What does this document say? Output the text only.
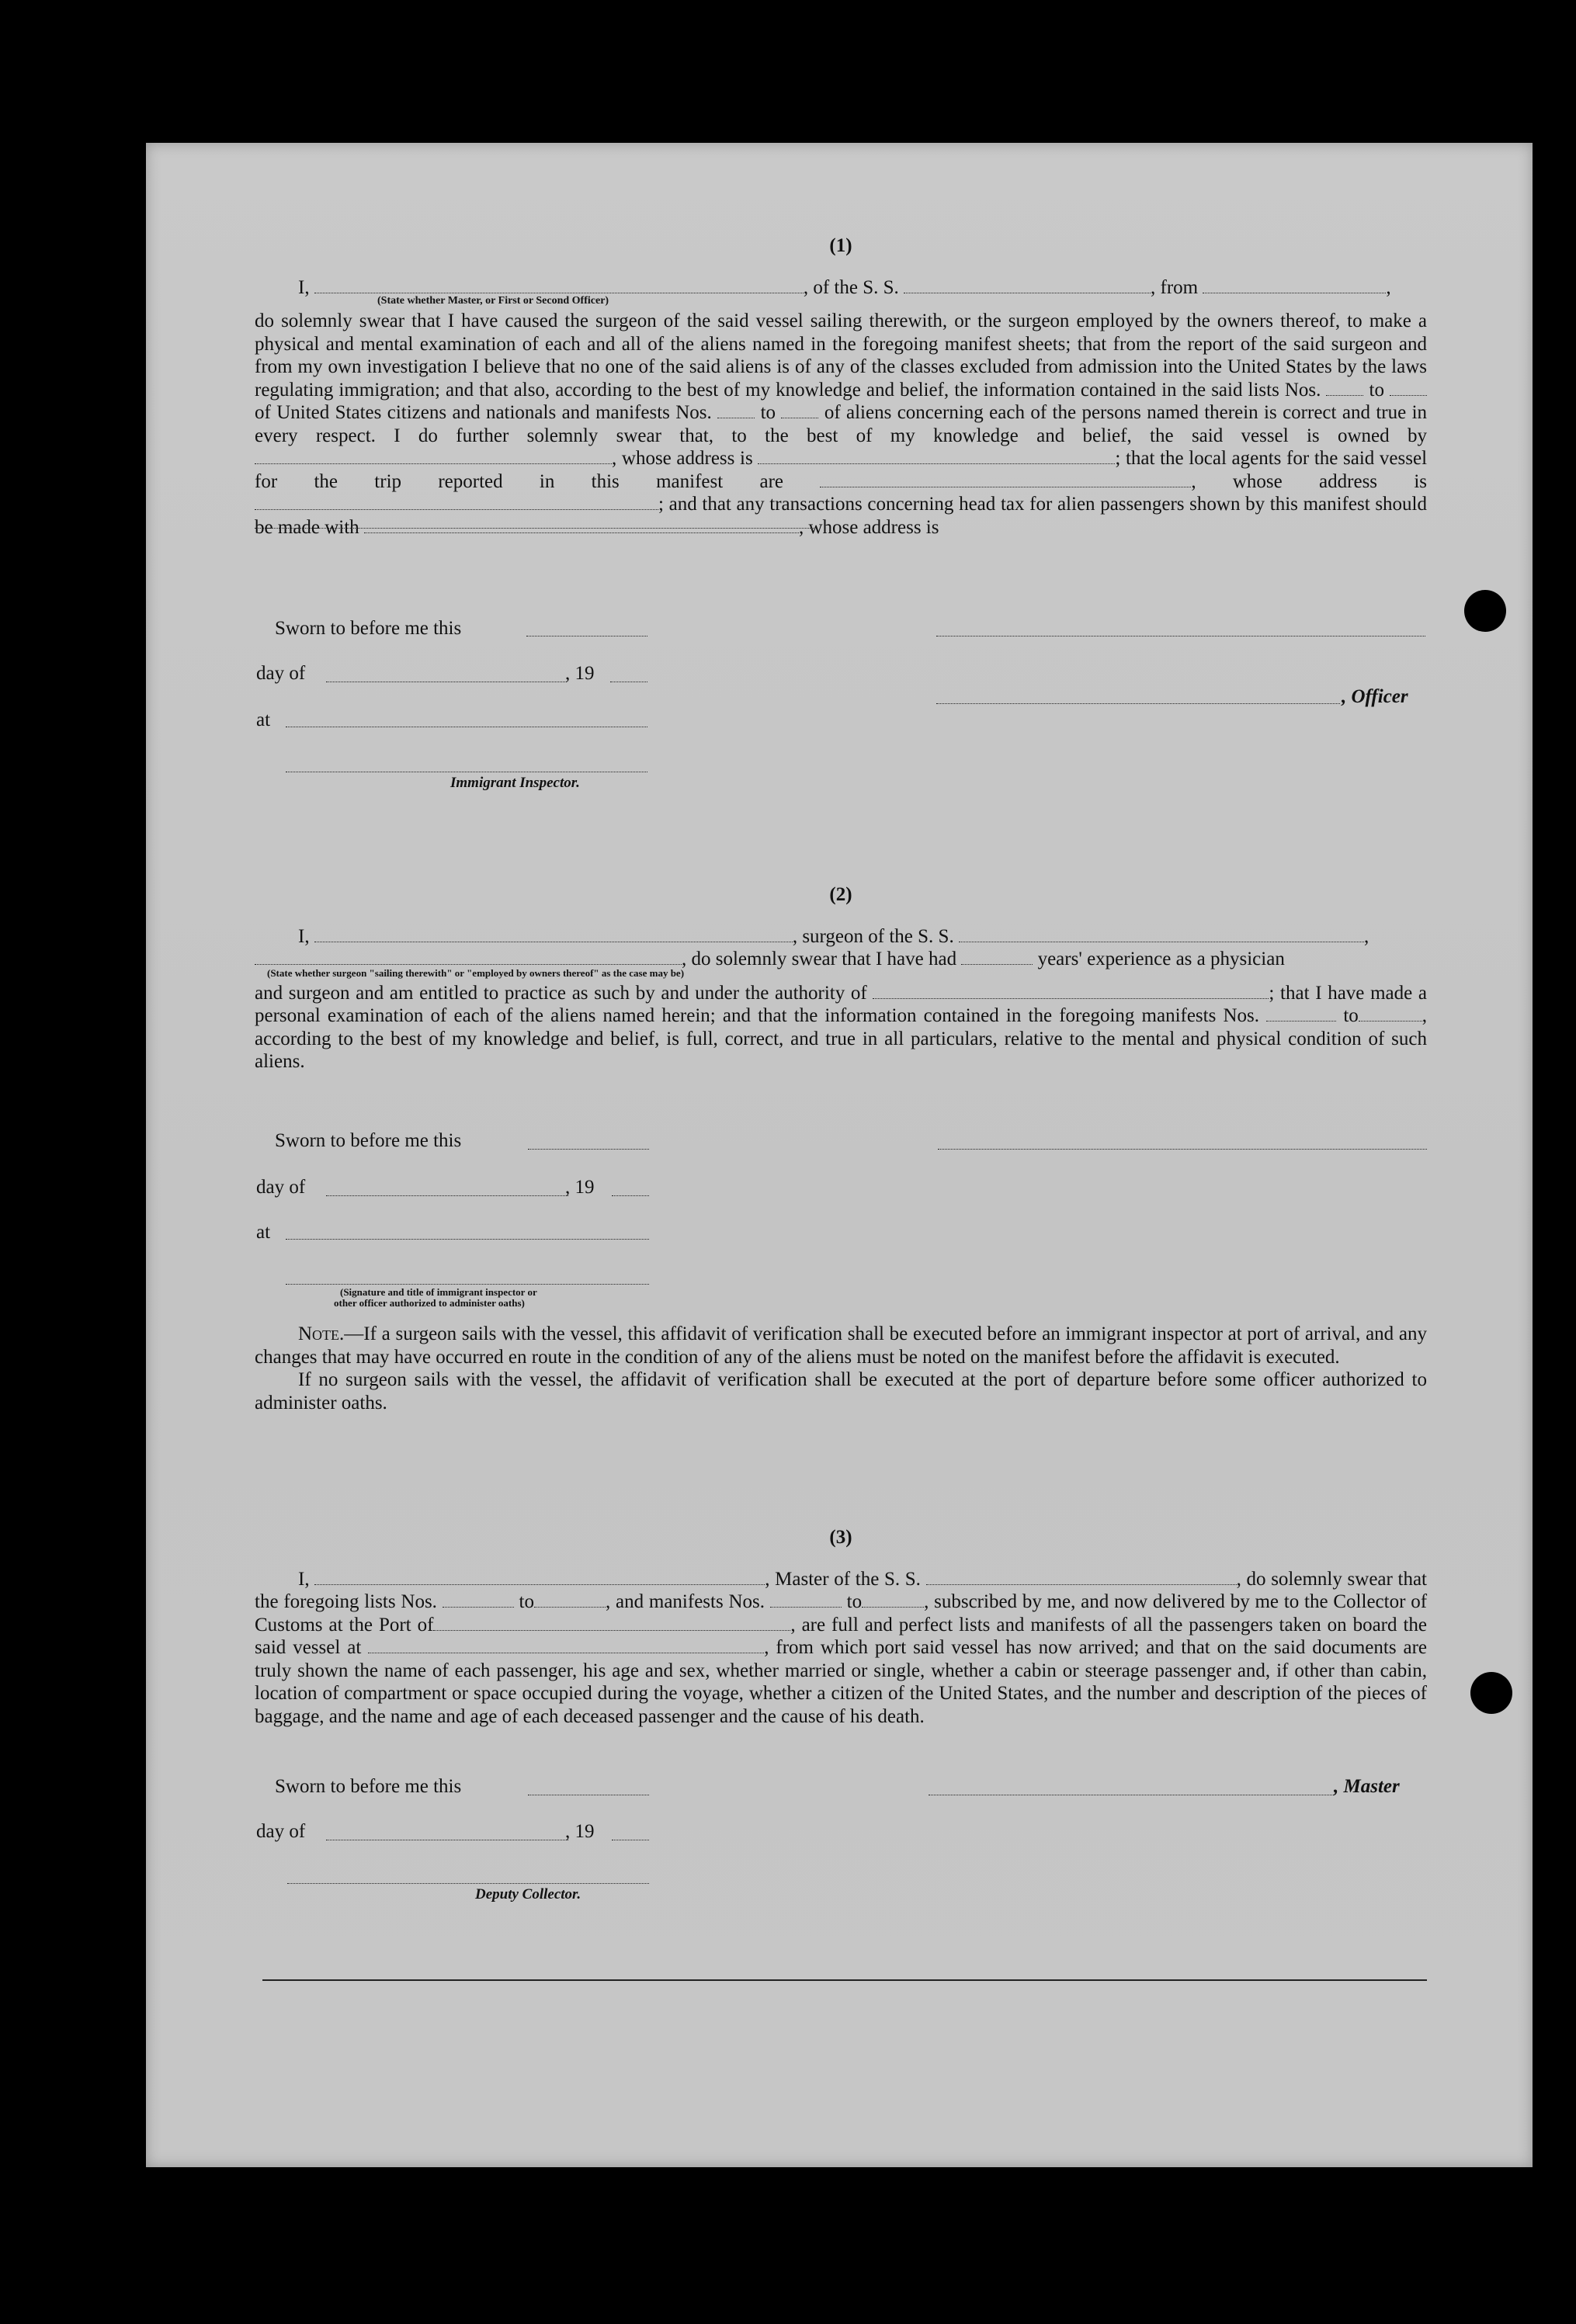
(1)

I,	, of the S. S.	, from	,

(State whether Master, or First or Second Officer)

do solemnly swear that I have caused the surgeon of the said vessel sailing therewith, or the surgeon employed by the owners thereof, to make a physical and mental examination of each and all of the aliens named in the foregoing manifest sheets; that from the report of the said surgeon and from my own investigation I believe that no one of the said aliens is of any of the classes excluded from admission into the United States by the laws regulating immigration; and that also, according to the best of my knowledge and belief, the information contained in the said lists Nos. to  of United States citizens and nationals and manifests Nos.	to	of aliens concerning each of the persons named therein is correct and true in every respect. I do further solemnly swear that, to the best of my knowledge and belief, the said vessel is owned by , whose address is	; that the local agents for the said vessel for the trip reported in this manifest are	, whose address is ; and that any transactions concerning head tax for alien passengers shown by this manifest should be made with	, whose address is

Sworn to before me this
day of	, 19
, Officer
at
Immigrant Inspector.
(2)

I,	, surgeon of the S. S.	,

, do solemnly swear that I have had	years' experience as a physician

(State whether surgeon "sailing therewith" or "employed by owners thereof" as the case may be)

and surgeon and am entitled to practice as such by and under the authority of	; that I have made a personal examination of each of the aliens named herein; and that the information contained in the foregoing manifests Nos.	to	, according to the best of my knowledge and belief, is full, correct, and true in all particulars, relative to the mental and physical condition of such aliens.

Sworn to before me this
day of	, 19
at
(Signature and title of immigrant inspector or
other officer authorized to administer oaths)

Note.—If a surgeon sails with the vessel, this affidavit of verification shall be executed before an immigrant inspector at port of arrival, and any changes that may have occurred en route in the condition of any of the aliens must be noted on the manifest before the affidavit is executed.

If no surgeon sails with the vessel, the affidavit of verification shall be executed at the port of departure before some officer authorized to administer oaths.

(3)

I,	, Master of the S. S.	, do solemnly swear that the foregoing lists Nos.	to	, and manifests Nos.	to	, subscribed by me, and now delivered by me to the Collector of Customs at the Port of	, are full and perfect lists and manifests of all the passengers taken on board the said vessel at	, from which port said vessel has now arrived; and that on the said documents are truly shown the name of each passenger, his age and sex, whether married or single, whether a cabin or steerage passenger and, if other than cabin, location of compartment or space occupied during the voyage, whether a citizen of the United States, and the number and description of the pieces of baggage, and the name and age of each deceased passenger and the cause of his death.

Sworn to before me this	, Master
day of	, 19
Deputy Collector.
